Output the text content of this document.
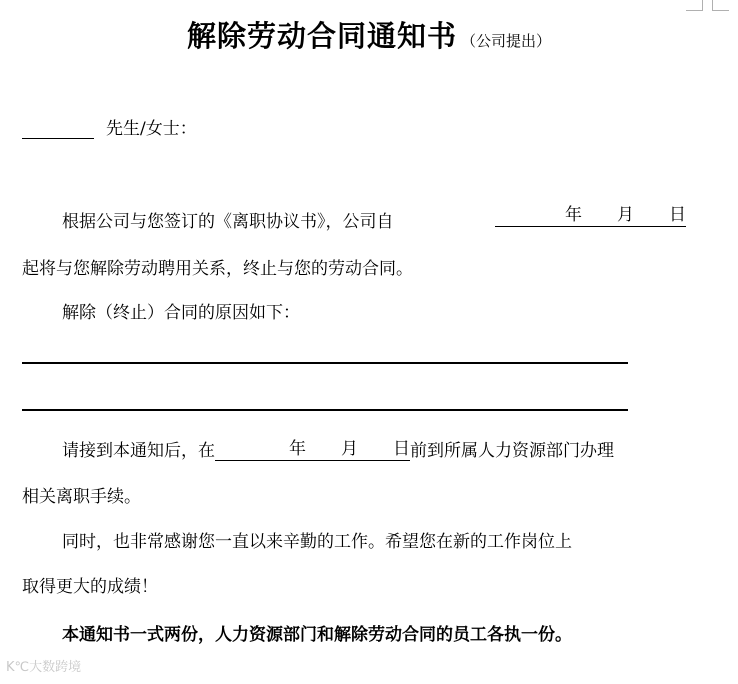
解除劳动合同通知书 （公司提出）
先生/女士：
根据公司与您签订的《离职协议书》，公司自	年 月 日
起将与您解除劳动聘用关系，终止与您的劳动合同。
解除（终止）合同的原因如下：
请接到本通知后，在	年 月 日 前到所属人力资源部门办理
相关离职手续。
同时，也非常感谢您一直以来辛勤的工作。希望您在新的工作岗位上
取得更大的成绩！
本通知书一式两份，人力资源部门和解除劳动合同的员工各执一份。
K℃大数跨境
